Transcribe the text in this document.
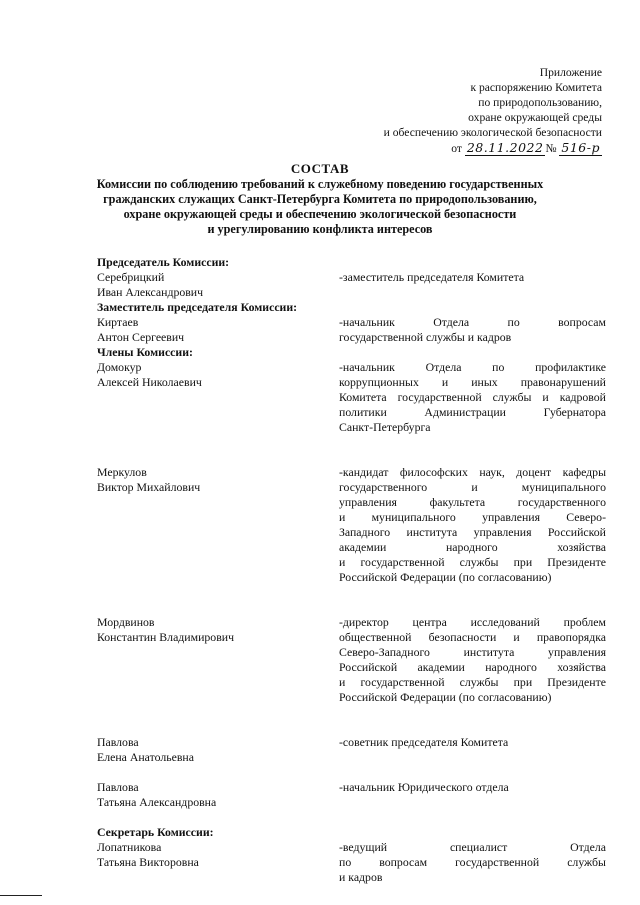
Приложение
к распоряжению Комитета
по природопользованию,
охране окружающей среды
и обеспечению экологической безопасности
от 28.11.2022 № 516-р
СОСТАВ
Комиссии по соблюдению требований к служебному поведению государственных
гражданских служащих Санкт-Петербурга Комитета по природопользованию,
охране окружающей среды и обеспечению экологической безопасности
и урегулированию конфликта интересов
Председатель Комиссии:
Серебрицкий
Иван Александрович
-заместитель председателя Комитета
Заместитель председателя Комиссии:
Киртаев
Антон Сергеевич
-начальник Отдела по вопросам
государственной службы и кадров
Члены Комиссии:
Домокур
Алексей Николаевич
-начальник Отдела по профилактике
коррупционных и иных правонарушений
Комитета государственной службы и кадровой
политики Администрации Губернатора
Санкт-Петербурга
Меркулов
Виктор Михайлович
-кандидат философских наук, доцент кафедры
государственного и муниципального
управления факультета государственного
и муниципального управления Северо-
Западного института управления Российской
академии народного хозяйства
и государственной службы при Президенте
Российской Федерации (по согласованию)
Мордвинов
Константин Владимирович
-директор центра исследований проблем
общественной безопасности и правопорядка
Северо-Западного института управления
Российской академии народного хозяйства
и государственной службы при Президенте
Российской Федерации (по согласованию)
Павлова
Елена Анатольевна
-советник председателя Комитета
Павлова
Татьяна Александровна
-начальник Юридического отдела
Секретарь Комиссии:
Лопатникова
Татьяна Викторовна
-ведущий специалист Отдела
по вопросам государственной службы
и кадров
